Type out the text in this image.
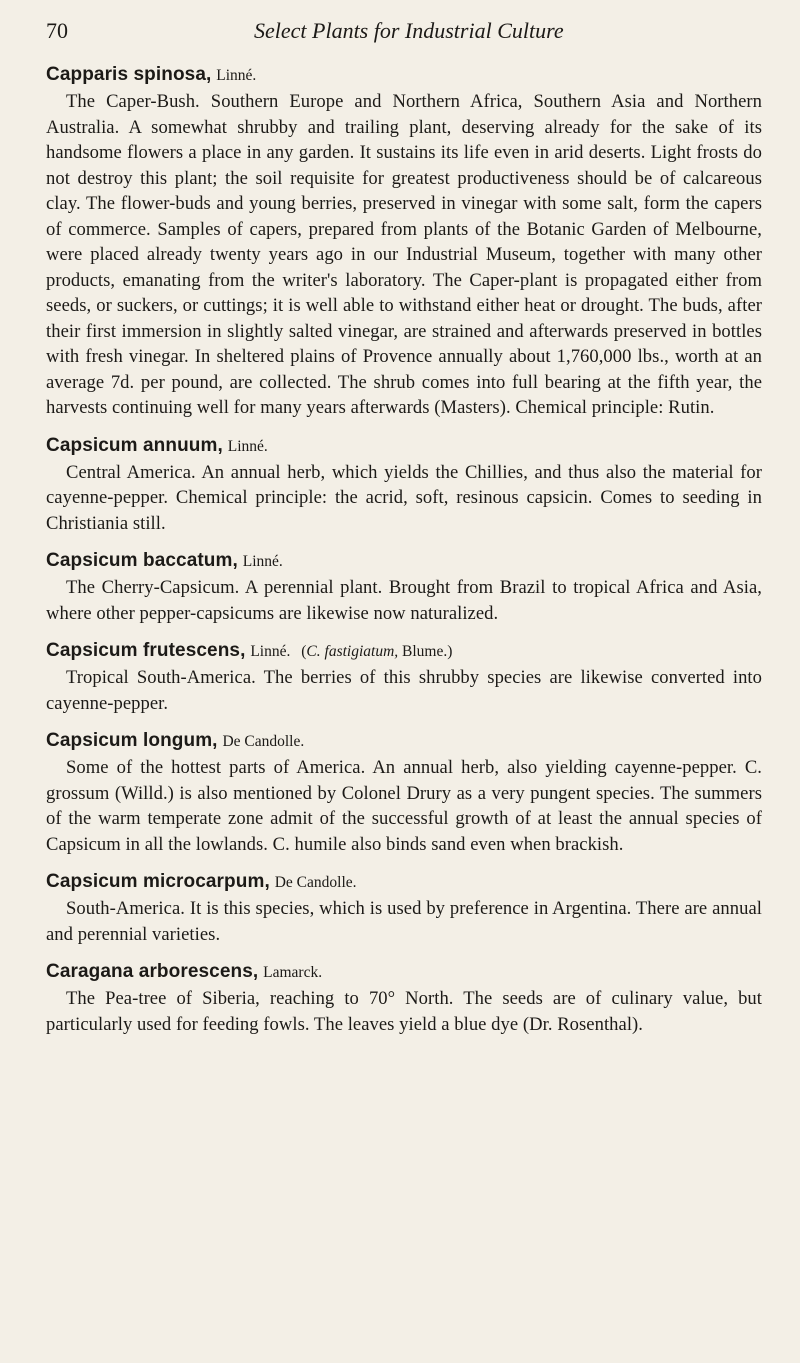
70	Select Plants for Industrial Culture

Capparis spinosa, Linné.

The Caper-Bush. Southern Europe and Northern Africa, Southern Asia and Northern Australia. A somewhat shrubby and trailing plant, deserving already for the sake of its handsome flowers a place in any garden. It sustains its life even in arid deserts. Light frosts do not destroy this plant; the soil requisite for greatest productiveness should be of calcareous clay. The flower-buds and young berries, preserved in vinegar with some salt, form the capers of commerce. Samples of capers, prepared from plants of the Botanic Garden of Melbourne, were placed already twenty years ago in our Industrial Museum, together with many other products, emanating from the writer's laboratory. The Caper-plant is propagated either from seeds, or suckers, or cuttings; it is well able to withstand either heat or drought. The buds, after their first immersion in slightly salted vinegar, are strained and afterwards preserved in bottles with fresh vinegar. In sheltered plains of Provence annually about 1,760,000 lbs., worth at an average 7d. per pound, are collected. The shrub comes into full bearing at the fifth year, the harvests continuing well for many years afterwards (Masters). Chemical principle: Rutin.

Capsicum annuum, Linné.

Central America. An annual herb, which yields the Chillies, and thus also the material for cayenne-pepper. Chemical principle: the acrid, soft, resinous capsicin. Comes to seeding in Christiania still.

Capsicum baccatum, Linné.

The Cherry-Capsicum. A perennial plant. Brought from Brazil to tropical Africa and Asia, where other pepper-capsicums are likewise now naturalized.

Capsicum frutescens, Linné. (C. fastigiatum, Blume.)

Tropical South-America. The berries of this shrubby species are likewise converted into cayenne-pepper.

Capsicum longum, De Candolle.

Some of the hottest parts of America. An annual herb, also yielding cayenne-pepper. C. grossum (Willd.) is also mentioned by Colonel Drury as a very pungent species. The summers of the warm temperate zone admit of the successful growth of at least the annual species of Capsicum in all the lowlands. C. humile also binds sand even when brackish.

Capsicum microcarpum, De Candolle.

South-America. It is this species, which is used by preference in Argentina. There are annual and perennial varieties.

Caragana arborescens, Lamarck.

The Pea-tree of Siberia, reaching to 70° North. The seeds are of culinary value, but particularly used for feeding fowls. The leaves yield a blue dye (Dr. Rosenthal).
